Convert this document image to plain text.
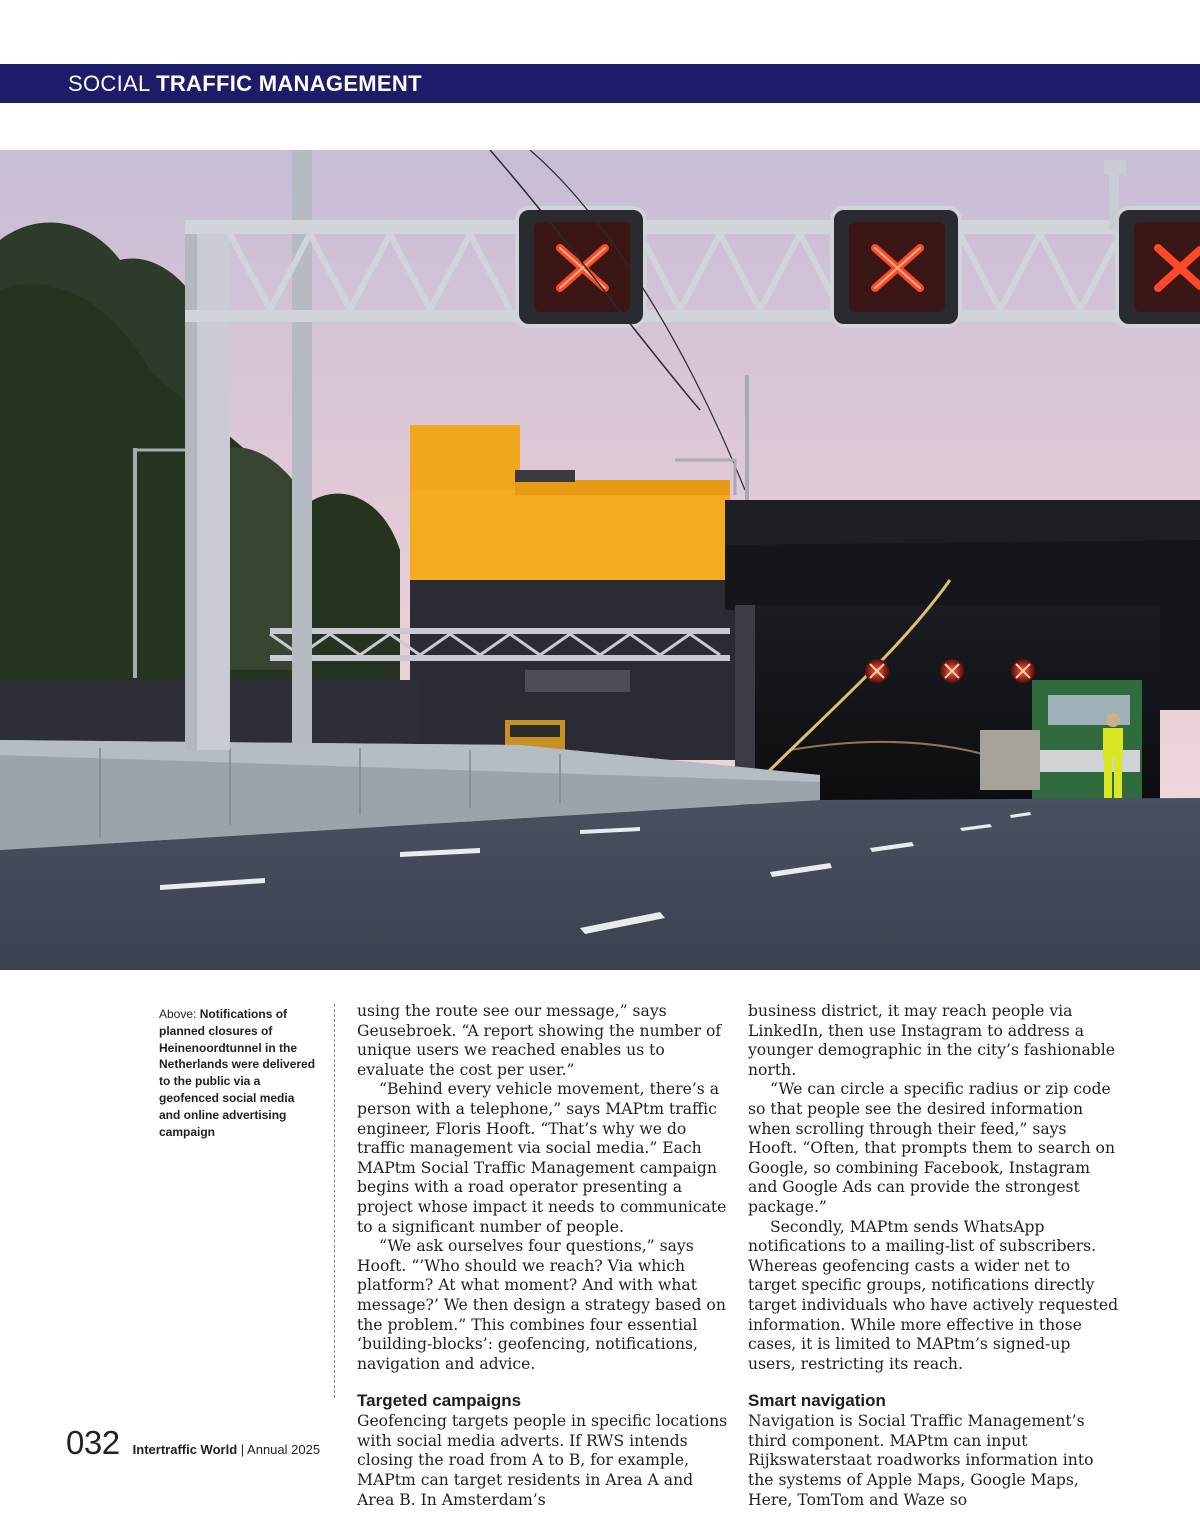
SOCIAL TRAFFIC MANAGEMENT
Above: Notifications of planned closures of Heinenoordtunnel in the Netherlands were delivered to the public via a geofenced social media and online advertising campaign

using the route see our message,” says Geusebroek. “A report showing the number of unique users we reached enables us to evaluate the cost per user.”

“Behind every vehicle movement, there’s a person with a telephone,” says MAPtm traffic engineer, Floris Hooft. “That’s why we do traffic management via social media.” Each MAPtm Social Traffic Management campaign begins with a road operator presenting a project whose impact it needs to communicate to a significant number of people.

“We ask ourselves four questions,” says Hooft. “’Who should we reach? Via which platform? At what moment? And with what message?’ We then design a strategy based on the problem.” This combines four essential ‘building-blocks’: geofencing, notifications, navigation and advice.

Targeted campaigns

Geofencing targets people in specific locations with social media adverts. If RWS intends closing the road from A to B, for example, MAPtm can target residents in Area A and Area B. In Amsterdam’s

business district, it may reach people via LinkedIn, then use Instagram to address a younger demographic in the city’s fashionable north.

“We can circle a specific radius or zip code so that people see the desired information when scrolling through their feed,” says Hooft. “Often, that prompts them to search on Google, so combining Facebook, Instagram and Google Ads can provide the strongest package.”

Secondly, MAPtm sends WhatsApp notifications to a mailing-list of subscribers. Whereas geofencing casts a wider net to target specific groups, notifications directly target individuals who have actively requested information. While more effective in those cases, it is limited to MAPtm’s signed-up users, restricting its reach.

Smart navigation

Navigation is Social Traffic Management’s third component. MAPtm can input Rijkswaterstaat roadworks information into the systems of Apple Maps, Google Maps, Here, TomTom and Waze so

032 Intertraffic World | Annual 2025
